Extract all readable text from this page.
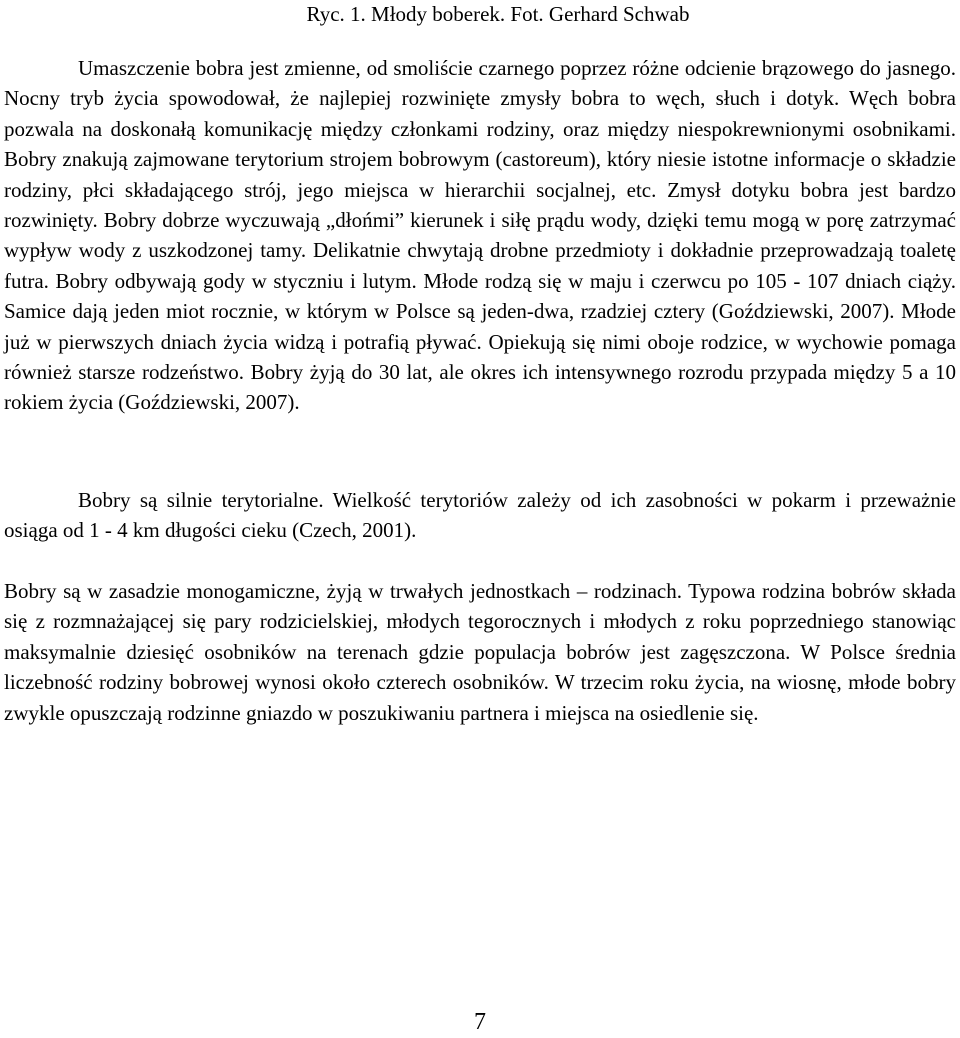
Ryc. 1. Młody boberek. Fot. Gerhard Schwab

Umaszczenie bobra jest zmienne, od smoliście czarnego poprzez różne odcienie brązowego do jasnego. Nocny tryb życia spowodował, że najlepiej rozwinięte zmysły bobra to węch, słuch i dotyk. Węch bobra pozwala na doskonałą komunikację między członkami rodziny, oraz między niespokrewnionymi osobnikami. Bobry znakują zajmowane terytorium strojem bobrowym (castoreum), który niesie istotne informacje o składzie rodziny, płci składającego strój, jego miejsca w hierarchii socjalnej, etc. Zmysł dotyku bobra jest bardzo rozwinięty. Bobry dobrze wyczuwają „dłońmi” kierunek i siłę prądu wody, dzięki temu mogą w porę zatrzymać wypływ wody z uszkodzonej tamy. Delikatnie chwytają drobne przedmioty i dokładnie przeprowadzają toaletę futra. Bobry odbywają gody w styczniu i lutym. Młode rodzą się w maju i czerwcu po 105 - 107 dniach ciąży. Samice dają jeden miot rocznie, w którym w Polsce są jeden-dwa, rzadziej cztery (Goździewski, 2007). Młode już w pierwszych dniach życia widzą i potrafią pływać. Opiekują się nimi oboje rodzice, w wychowie pomaga również starsze rodzeństwo. Bobry żyją do 30 lat, ale okres ich intensywnego rozrodu przypada między 5 a 10 rokiem życia (Goździewski, 2007).

Bobry są silnie terytorialne. Wielkość terytoriów zależy od ich zasobności w pokarm i przeważnie osiąga od 1 - 4 km długości cieku (Czech, 2001).

Bobry są w zasadzie monogamiczne, żyją w trwałych jednostkach – rodzinach. Typowa rodzina bobrów składa się z rozmnażającej się pary rodzicielskiej, młodych tegorocznych i młodych z roku poprzedniego stanowiąc maksymalnie dziesięć osobników na terenach gdzie populacja bobrów jest zagęszczona. W Polsce średnia liczebność rodziny bobrowej wynosi około czterech osobników. W trzecim roku życia, na wiosnę, młode bobry zwykle opuszczają rodzinne gniazdo w poszukiwaniu partnera i miejsca na osiedlenie się.

7
